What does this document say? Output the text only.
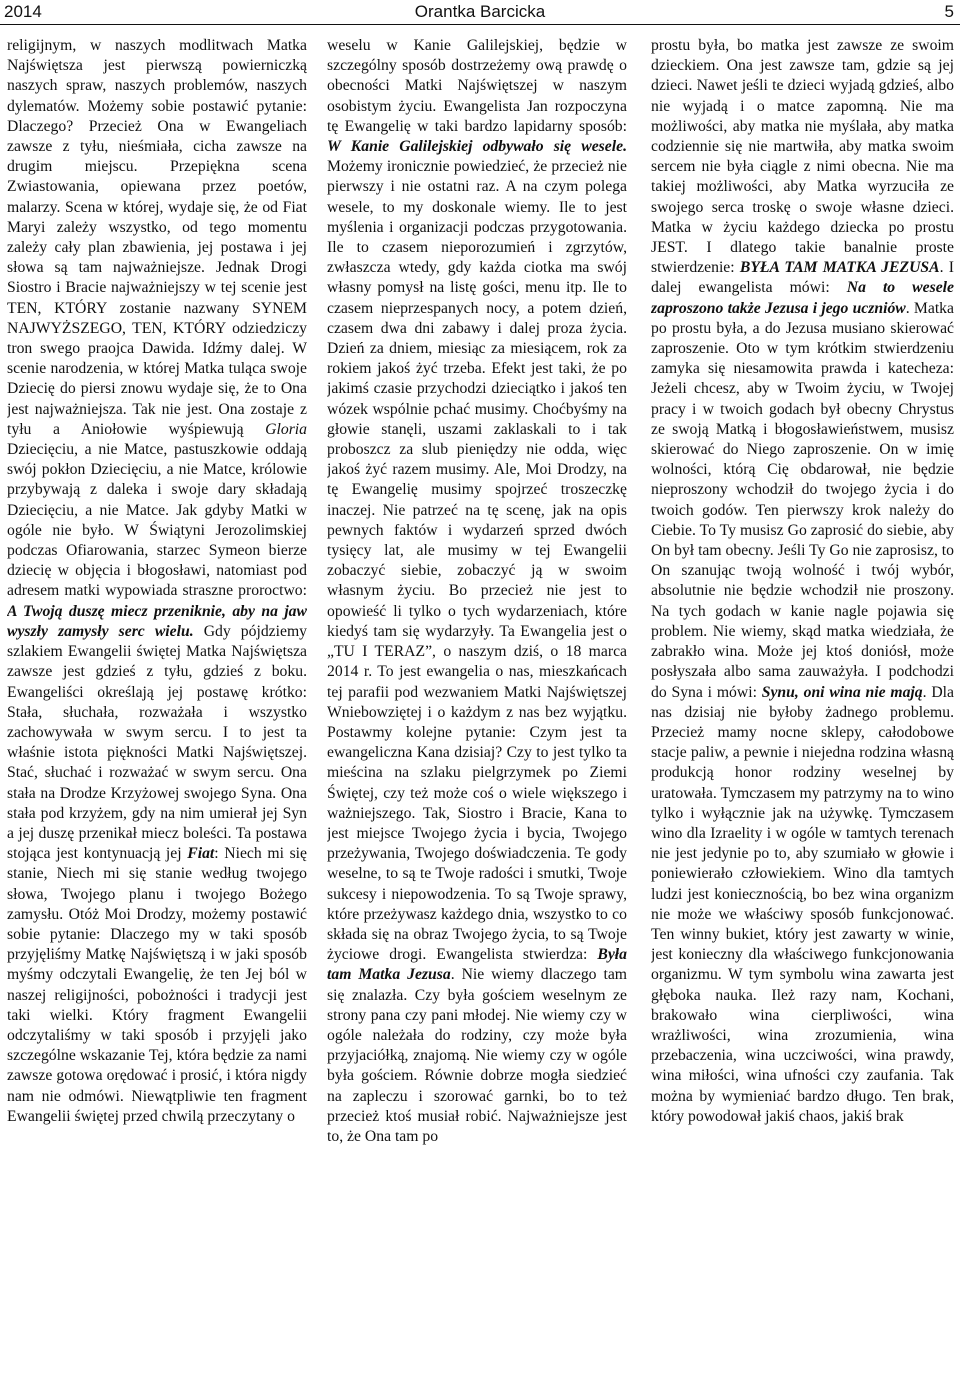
2014	Orantka Barcicka	5

religijnym, w naszych modlitwach Matka Najświętsza jest pierwszą powierniczką naszych spraw, naszych problemów, naszych dylematów. Możemy sobie postawić pytanie: Dlaczego? Przecież Ona w Ewangeliach zawsze z tyłu, nieśmiała, cicha zawsze na drugim miejscu. Przepiękna scena Zwiastowania, opiewana przez poetów, malarzy. Scena w której, wydaje się, że od Fiat Maryi zależy wszystko, od tego momentu zależy cały plan zbawienia, jej postawa i jej słowa są tam najważniejsze. Jednak Drogi Siostro i Bracie najważniejszy w tej scenie jest TEN, KTÓRY zostanie nazwany SYNEM NAJWYŻSZEGO, TEN, KTÓRY odziedziczy tron swego praojca Dawida. Idźmy dalej. W scenie narodzenia, w której Matka tuląca swoje Dziecię do piersi znowu wydaje się, że to Ona jest najważniejsza. Tak nie jest. Ona zostaje z tyłu a Aniołowie wyśpiewują Gloria Dziecięciu, a nie Matce, pastuszkowie oddają swój pokłon Dziecięciu, a nie Matce, królowie przybywają z daleka i swoje dary składają Dziecięciu, a nie Matce. Jak gdyby Matki w ogóle nie było. W Świątyni Jerozolimskiej podczas Ofiarowania, starzec Symeon bierze dziecię w objęcia i błogosławi, natomiast pod adresem matki wypowiada straszne proroctwo: A Twoją duszę miecz przeniknie, aby na jaw wyszły zamysły serc wielu. Gdy pójdziemy szlakiem Ewangelii świętej Matka Najświętsza zawsze jest gdzieś z tyłu, gdzieś z boku. Ewangeliści określają jej postawę krótko: Stała, słuchała, rozważała i wszystko zachowywała w swym sercu. I to jest ta właśnie istota piękności Matki Najświętszej. Stać, słuchać i rozważać w swym sercu. Ona stała na Drodze Krzyżowej swojego Syna. Ona stała pod krzyżem, gdy na nim umierał jej Syn a jej duszę przenikał miecz boleści. Ta postawa stojąca jest kontynuacją jej Fiat: Niech mi się stanie, Niech mi się stanie według twojego słowa, Twojego planu i twojego Bożego zamysłu. Otóż Moi Drodzy, możemy postawić sobie pytanie: Dlaczego my w taki sposób przyjęliśmy Matkę Najświętszą i w jaki sposób myśmy odczytali Ewangelię, że ten Jej ból w naszej religijności, pobożności i tradycji jest taki wielki. Który fragment Ewangelii odczytaliśmy w taki sposób i przyjęli jako szczególne wskazanie Tej, która będzie za nami zawsze gotowa orędować i prosić, i która nigdy nam nie odmówi. Niewątpliwie ten fragment Ewangelii świętej przed chwilą przeczytany o

weselu w Kanie Galilejskiej, będzie w szczególny sposób dostrzeżemy ową prawdę o obecności Matki Najświętszej w naszym osobistym życiu. Ewangelista Jan rozpoczyna tę Ewangelię w taki bardzo lapidarny sposób: W Kanie Galilejskiej odbywało się wesele. Możemy ironicznie powiedzieć, że przecież nie pierwszy i nie ostatni raz. A na czym polega wesele, to my doskonale wiemy. Ile to jest myślenia i organizacji podczas przygotowania. Ile to czasem nieporozumień i zgrzytów, zwłaszcza wtedy, gdy każda ciotka ma swój własny pomysł na listę gości, menu itp. Ile to czasem nieprzespanych nocy, a potem dzień, czasem dwa dni zabawy i dalej proza życia. Dzień za dniem, miesiąc za miesiącem, rok za rokiem jakoś żyć trzeba. Efekt jest taki, że po jakimś czasie przychodzi dzieciątko i jakoś ten wózek wspólnie pchać musimy. Choćbyśmy na głowie stanęli, uszami zaklaskali to i tak proboszcz za slub pieniędzy nie odda, więc jakoś żyć razem musimy. Ale, Moi Drodzy, na tę Ewangelię musimy spojrzeć troszeczkę inaczej. Nie patrzeć na tę scenę, jak na opis pewnych faktów i wydarzeń sprzed dwóch tysięcy lat, ale musimy w tej Ewangelii zobaczyć siebie, zobaczyć ją w swoim własnym życiu. Bo przecież nie jest to opowieść li tylko o tych wydarzeniach, które kiedyś tam się wydarzyły. Ta Ewangelia jest o „TU I TERAZ”, o naszym dziś, o 18 marca 2014 r. To jest ewangelia o nas, mieszkańcach tej parafii pod wezwaniem Matki Najświętszej Wniebowziętej i o każdym z nas bez wyjątku. Postawmy kolejne pytanie: Czym jest ta ewangeliczna Kana dzisiaj? Czy to jest tylko ta mieścina na szlaku pielgrzymek po Ziemi Świętej, czy też może coś o wiele większego i ważniejszego. Tak, Siostro i Bracie, Kana to jest miejsce Twojego życia i bycia, Twojego przeżywania, Twojego doświadczenia. Te gody weselne, to są te Twoje radości i smutki, Twoje sukcesy i niepowodzenia. To są Twoje sprawy, które przeżywasz każdego dnia, wszystko to co składa się na obraz Twojego życia, to są Twoje życiowe drogi. Ewangelista stwierdza: Była tam Matka Jezusa. Nie wiemy dlaczego tam się znalazła. Czy była gościem weselnym ze strony pana czy pani młodej. Nie wiemy czy w ogóle należała do rodziny, czy może była przyjaciółką, znajomą. Nie wiemy czy w ogóle była gościem. Równie dobrze mogła siedzieć na zapleczu i szorować garnki, bo to też przecież ktoś musiał robić. Najważniejsze jest to, że Ona tam po

prostu była, bo matka jest zawsze ze swoim dzieckiem. Ona jest zawsze tam, gdzie są jej dzieci. Nawet jeśli te dzieci wyjadą gdzieś, albo nie wyjadą i o matce zapomną. Nie ma możliwości, aby matka nie myślała, aby matka codziennie się nie martwiła, aby matka swoim sercem nie była ciągle z nimi obecna. Nie ma takiej możliwości, aby Matka wyrzuciła ze swojego serca troskę o swoje własne dzieci. Matka w życiu każdego dziecka po prostu JEST. I dlatego takie banalnie proste stwierdzenie: BYŁA TAM MATKA JEZUSA. I dalej ewangelista mówi: Na to wesele zaproszono także Jezusa i jego uczniów. Matka po prostu była, a do Jezusa musiano skierować zaproszenie. Oto w tym krótkim stwierdzeniu zamyka się niesamowita prawda i katecheza: Jeżeli chcesz, aby w Twoim życiu, w Twojej pracy i w twoich godach był obecny Chrystus ze swoją Matką i błogosławieństwem, musisz skierować do Niego zaproszenie. On w imię wolności, którą Cię obdarował, nie będzie nieproszony wchodził do twojego życia i do twoich godów. Ten pierwszy krok należy do Ciebie. To Ty musisz Go zaprosić do siebie, aby On był tam obecny. Jeśli Ty Go nie zaprosisz, to On szanując twoją wolność i twój wybór, absolutnie nie będzie wchodził nie proszony. Na tych godach w kanie nagle pojawia się problem. Nie wiemy, skąd matka wiedziała, że zabrakło wina. Może jej ktoś doniósł, może posłyszała albo sama zauważyła. I podchodzi do Syna i mówi: Synu, oni wina nie mają. Dla nas dzisiaj nie byłoby żadnego problemu. Przecież mamy nocne sklepy, całodobowe stacje paliw, a pewnie i niejedna rodzina własną produkcją honor rodziny weselnej by uratowała. Tymczasem my patrzymy na to wino tylko i wyłącznie jak na używkę. Tymczasem wino dla Izraelity i w ogóle w tamtych terenach nie jest jedynie po to, aby szumiało w głowie i poniewierało człowiekiem. Wino dla tamtych ludzi jest koniecznością, bo bez wina organizm nie może we właściwy sposób funkcjonować. Ten winny bukiet, który jest zawarty w winie, jest konieczny dla właściwego funkcjonowania organizmu. W tym symbolu wina zawarta jest głęboka nauka. Ileż razy nam, Kochani, brakowało wina cierpliwości, wina wrażliwości, wina zrozumienia, wina przebaczenia, wina uczciwości, wina prawdy, wina miłości, wina ufności czy zaufania. Tak można by wymieniać bardzo długo. Ten brak, który powodował jakiś chaos, jakiś brak
